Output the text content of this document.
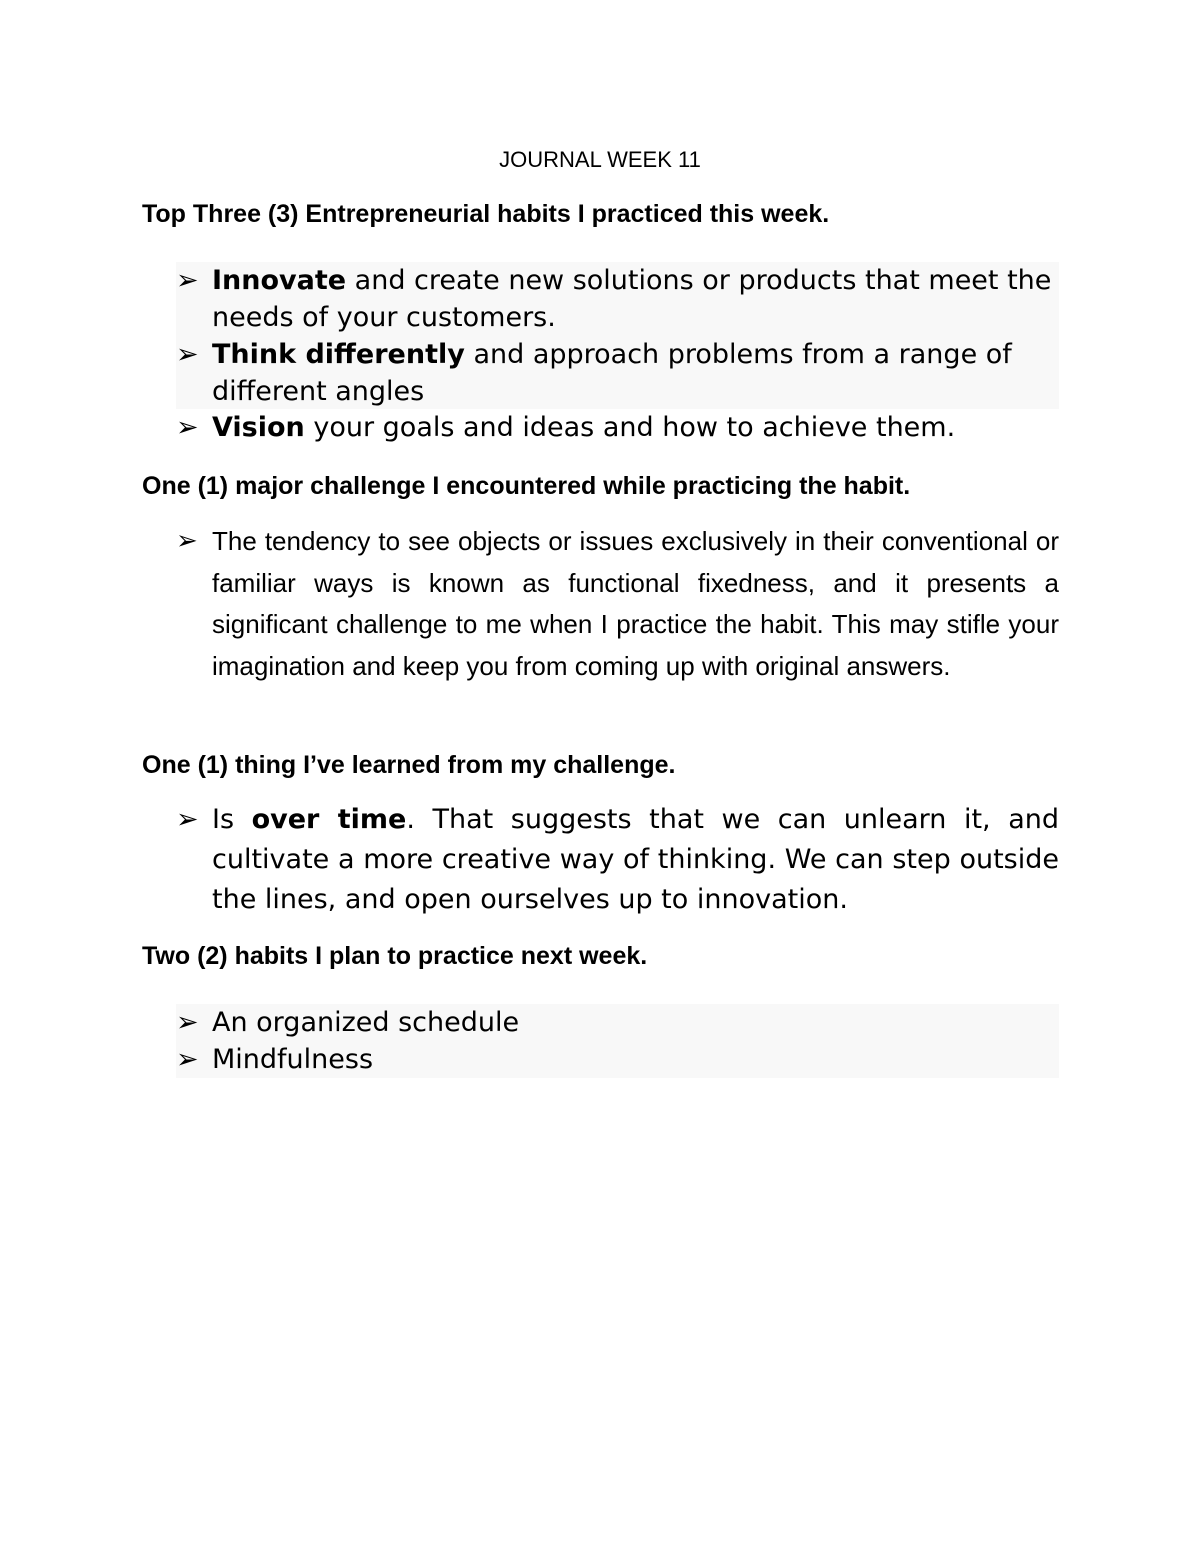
JOURNAL WEEK 11
Top Three (3) Entrepreneurial habits I practiced this week.
➢ Innovate and create new solutions or products that meet the needs of your customers.
➢ Think differently and approach problems from a range of different angles
➢ Vision your goals and ideas and how to achieve them.
One (1) major challenge I encountered while practicing the habit.
➢ The tendency to see objects or issues exclusively in their conventional or familiar ways is known as functional fixedness, and it presents a significant challenge to me when I practice the habit. This may stifle your imagination and keep you from coming up with original answers.
One (1) thing I’ve learned from my challenge.
➢ Is over time. That suggests that we can unlearn it, and cultivate a more creative way of thinking. We can step outside the lines, and open ourselves up to innovation.
Two (2) habits I plan to practice next week.
➢ An organized schedule
➢ Mindfulness
